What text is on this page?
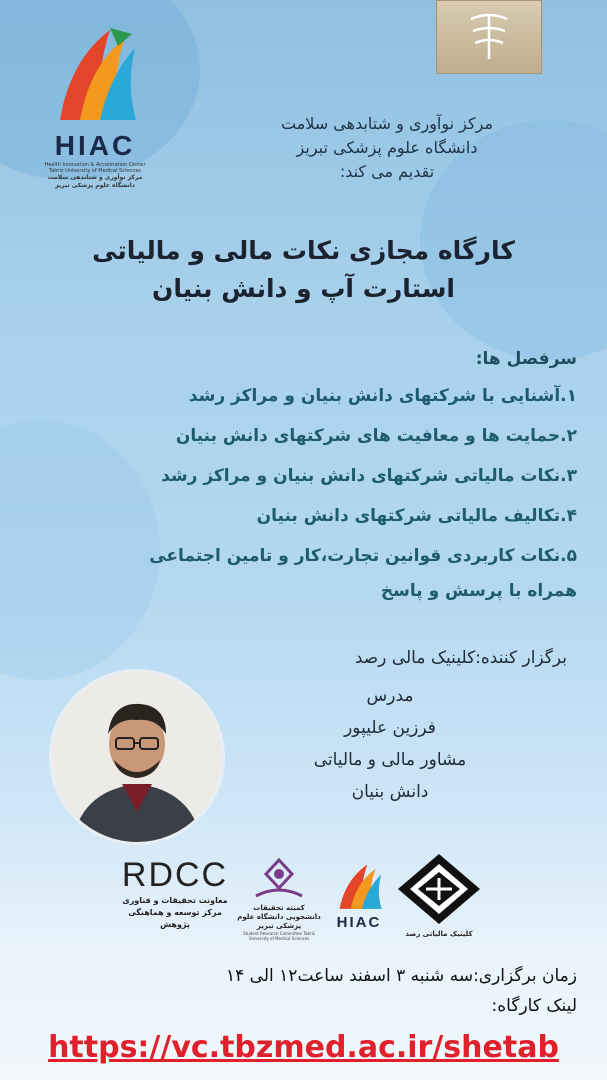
HIAC
Health Innovation & Acceleration Center Tabriz University of Medical Sciences
مرکز نوآوری و شتابدهی سلامت دانشگاه علوم پزشکی تبریز
مرکز نوآوری و شتابدهی سلامت
دانشگاه علوم پزشکی تبریز
تقدیم می کند:
کارگاه مجازی نکات مالی و مالیاتی
استارت آپ و دانش بنیان
سرفصل ها:
۱.آشنایی با شرکتهای دانش بنیان و مراکز رشد
۲.حمایت ها و معافیت های شرکتهای دانش بنیان
۳.نکات مالیاتی شرکتهای دانش بنیان و مراکز رشد
۴.تکالیف مالیاتی شرکتهای دانش بنیان
۵.نکات کاربردی قوانین تجارت،کار و تامین اجتماعی
همراه با پرسش و پاسخ
برگزار کننده:کلینیک مالی رصد
مدرس
فرزین علیپور
مشاور مالی و مالیاتی
دانش بنیان
RDCC
معاونت تحقیقات و فناوری مرکز توسعه و هماهنگی پژوهش
کمیته تحقیقات دانشجویی دانشگاه علوم پزشکی تبریز
Student Research Committee Tabriz University of Medical Sciences
HIAC
کلینیک مالیاتی رصد
زمان برگزاری:سه شنبه ۳ اسفند ساعت۱۲ الی ۱۴
لینک کارگاه:
https://vc.tbzmed.ac.ir/shetab
